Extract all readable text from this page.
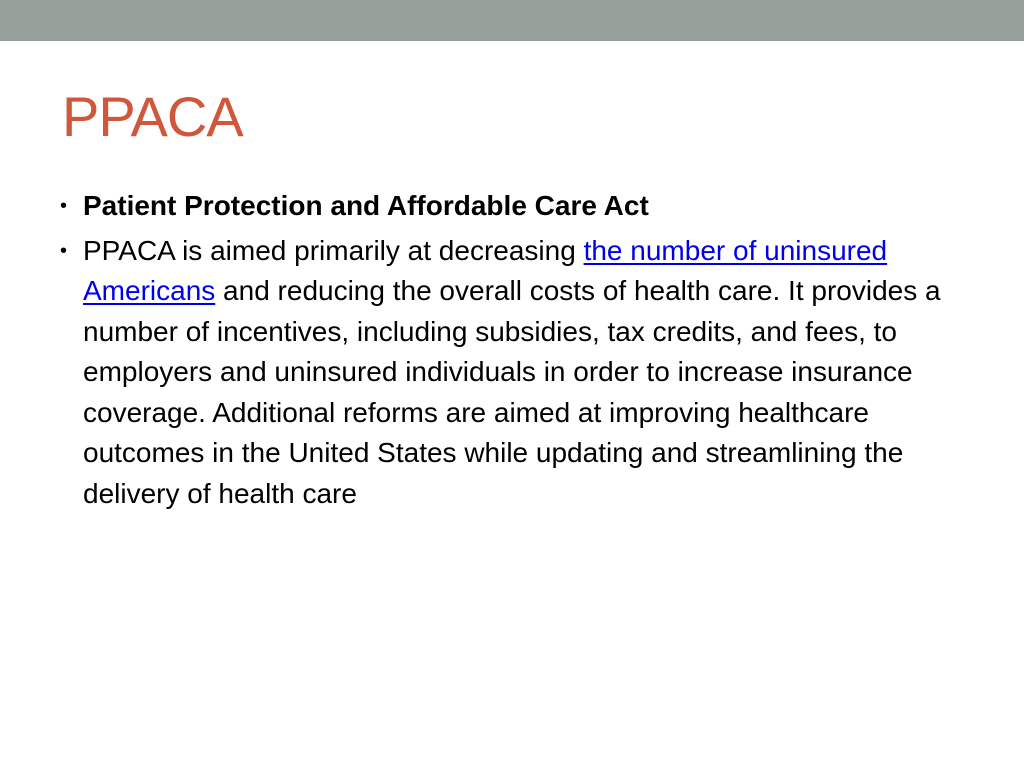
PPACA
• Patient Protection and Affordable Care Act
• PPACA is aimed primarily at decreasing the number of uninsured Americans and reducing the overall costs of health care. It provides a number of incentives, including subsidies, tax credits, and fees, to employers and uninsured individuals in order to increase insurance coverage. Additional reforms are aimed at improving healthcare outcomes in the United States while updating and streamlining the delivery of health care
